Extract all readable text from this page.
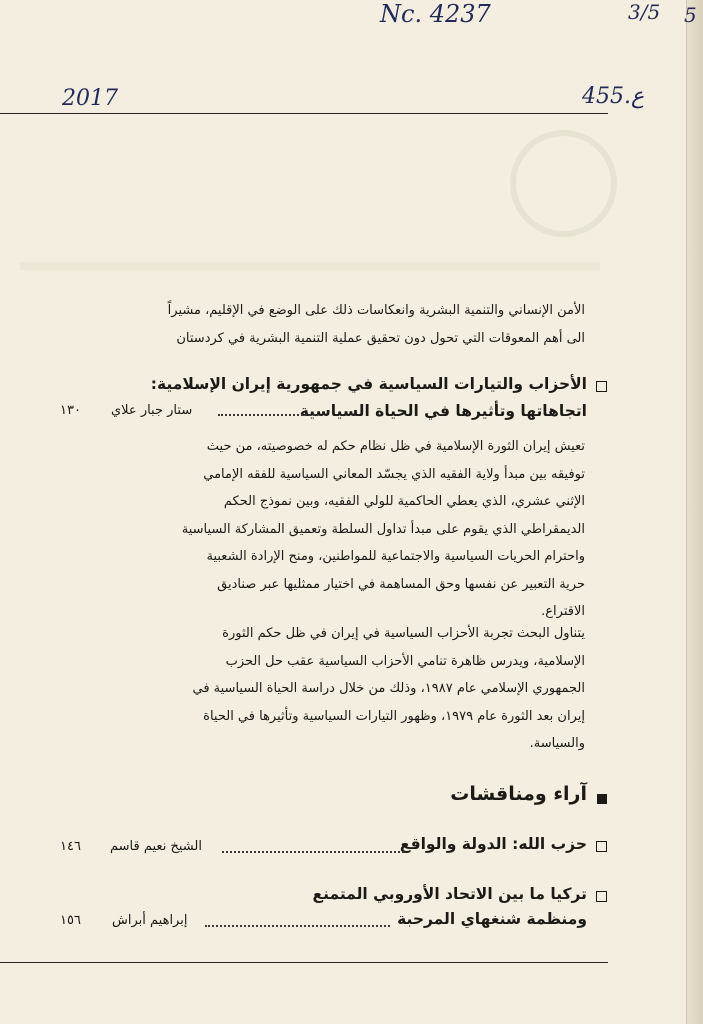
Nc. 4237	3/5 5
2017	455.ع
الأمن الإنساني والتنمية البشرية وانعكاسات ذلك على الوضع في الإقليم، مشيراً
الى أهم المعوقات التي تحول دون تحقيق عملية التنمية البشرية في كردستان
الأحزاب والتيارات السياسية في جمهورية إيران الإسلامية:
اتجاهاتها وتأثيرها في الحياة السياسية
ستار جبار علاي
١٣٠
تعيش إيران الثورة الإسلامية في ظل نظام حكم له خصوصيته، من حيث
توفيقه بين مبدأ ولاية الفقيه الذي يجسّد المعاني السياسية للفقه الإمامي
الإثني عشري، الذي يعطي الحاكمية للولي الفقيه، وبين نموذج الحكم
الديمقراطي الذي يقوم على مبدأ تداول السلطة وتعميق المشاركة السياسية
واحترام الحريات السياسية والاجتماعية للمواطنين، ومنح الإرادة الشعبية
حرية التعبير عن نفسها وحق المساهمة في اختيار ممثليها عبر صناديق
الاقتراع.
يتناول البحث تجربة الأحزاب السياسية في إيران في ظل حكم الثورة
الإسلامية، ويدرس ظاهرة تنامي الأحزاب السياسية عقب حل الحزب
الجمهوري الإسلامي عام ١٩٨٧، وذلك من خلال دراسة الحياة السياسية في
إيران بعد الثورة عام ١٩٧٩، وظهور التيارات السياسية وتأثيرها في الحياة
والسياسة.
آراء ومناقشات
حزب الله: الدولة والواقع
الشيخ نعيم قاسم
١٤٦
تركيا ما بين الاتحاد الأوروبي المتمنع
ومنظمة شنغهاي المرحبة
إبراهيم أبراش
١٥٦
